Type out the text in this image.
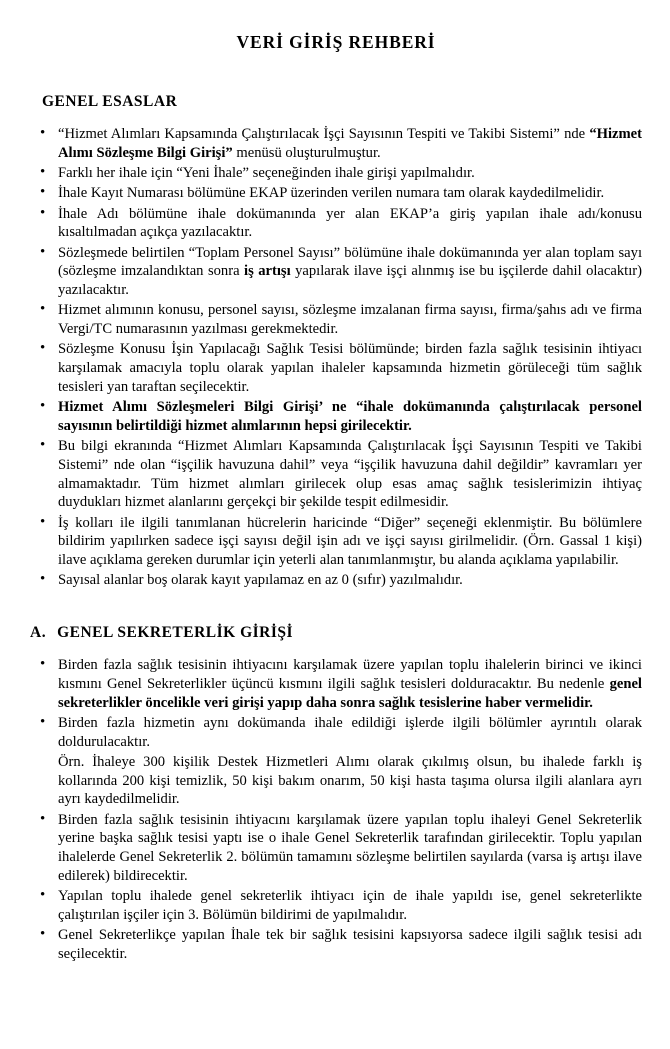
VERİ GİRİŞ REHBERİ
GENEL ESASLAR
• “Hizmet Alımları Kapsamında Çalıştırılacak İşçi Sayısının Tespiti ve Takibi Sistemi” nde “Hizmet Alımı Sözleşme Bilgi Girişi” menüsü oluşturulmuştur.
• Farklı her ihale için “Yeni İhale” seçeneğinden ihale girişi yapılmalıdır.
• İhale Kayıt Numarası bölümüne EKAP üzerinden verilen numara tam olarak kaydedilmelidir.
• İhale Adı bölümüne ihale dokümanında yer alan EKAP’a giriş yapılan ihale adı/konusu kısaltılmadan açıkça yazılacaktır.
• Sözleşmede belirtilen “Toplam Personel Sayısı” bölümüne ihale dokümanında yer alan toplam sayı (sözleşme imzalandıktan sonra iş artışı yapılarak ilave işçi alınmış ise bu işçilerde dahil olacaktır) yazılacaktır.
• Hizmet alımının konusu, personel sayısı, sözleşme imzalanan firma sayısı, firma/şahıs adı ve firma Vergi/TC numarasının yazılması gerekmektedir.
• Sözleşme Konusu İşin Yapılacağı Sağlık Tesisi bölümünde; birden fazla sağlık tesisinin ihtiyacı karşılamak amacıyla toplu olarak yapılan ihaleler kapsamında hizmetin görüleceği tüm sağlık tesisleri yan taraftan seçilecektir.
• Hizmet Alımı Sözleşmeleri Bilgi Girişi’ ne “ihale dokümanında çalıştırılacak personel sayısının belirtildiği hizmet alımlarının hepsi girilecektir.
• Bu bilgi ekranında “Hizmet Alımları Kapsamında Çalıştırılacak İşçi Sayısının Tespiti ve Takibi Sistemi” nde olan “işçilik havuzuna dahil” veya “işçilik havuzuna dahil değildir” kavramları yer almamaktadır. Tüm hizmet alımları girilecek olup esas amaç sağlık tesislerimizin ihtiyaç duydukları hizmet alanlarını gerçekçi bir şekilde tespit edilmesidir.
• İş kolları ile ilgili tanımlanan hücrelerin haricinde “Diğer” seçeneği eklenmiştir. Bu bölümlere bildirim yapılırken sadece işçi sayısı değil işin adı ve işçi sayısı girilmelidir. (Örn. Gassal 1 kişi) ilave açıklama gereken durumlar için yeterli alan tanımlanmıştır, bu alanda açıklama yapılabilir.
• Sayısal alanlar boş olarak kayıt yapılamaz en az 0 (sıfır) yazılmalıdır.
A. GENEL SEKRETERLİK GİRİŞİ
• Birden fazla sağlık tesisinin ihtiyacını karşılamak üzere yapılan toplu ihalelerin birinci ve ikinci kısmını Genel Sekreterlikler üçüncü kısmını ilgili sağlık tesisleri dolduracaktır. Bu nedenle genel sekreterlikler öncelikle veri girişi yapıp daha sonra sağlık tesislerine haber vermelidir.
• Birden fazla hizmetin aynı dokümanda ihale edildiği işlerde ilgili bölümler ayrıntılı olarak doldurulacaktır.
Örn. İhaleye 300 kişilik Destek Hizmetleri Alımı olarak çıkılmış olsun, bu ihalede farklı iş kollarında 200 kişi temizlik, 50 kişi bakım onarım, 50 kişi hasta taşıma olursa ilgili alanlara ayrı ayrı kaydedilmelidir.
• Birden fazla sağlık tesisinin ihtiyacını karşılamak üzere yapılan toplu ihaleyi Genel Sekreterlik yerine başka sağlık tesisi yaptı ise o ihale Genel Sekreterlik tarafından girilecektir. Toplu yapılan ihalelerde Genel Sekreterlik 2. bölümün tamamını sözleşme belirtilen sayılarda (varsa iş artışı ilave edilerek) bildirecektir.
• Yapılan toplu ihalede genel sekreterlik ihtiyacı için de ihale yapıldı ise, genel sekreterlikte çalıştırılan işçiler için 3. Bölümün bildirimi de yapılmalıdır.
• Genel Sekreterlikçe yapılan İhale tek bir sağlık tesisini kapsıyorsa sadece ilgili sağlık tesisi adı seçilecektir.
